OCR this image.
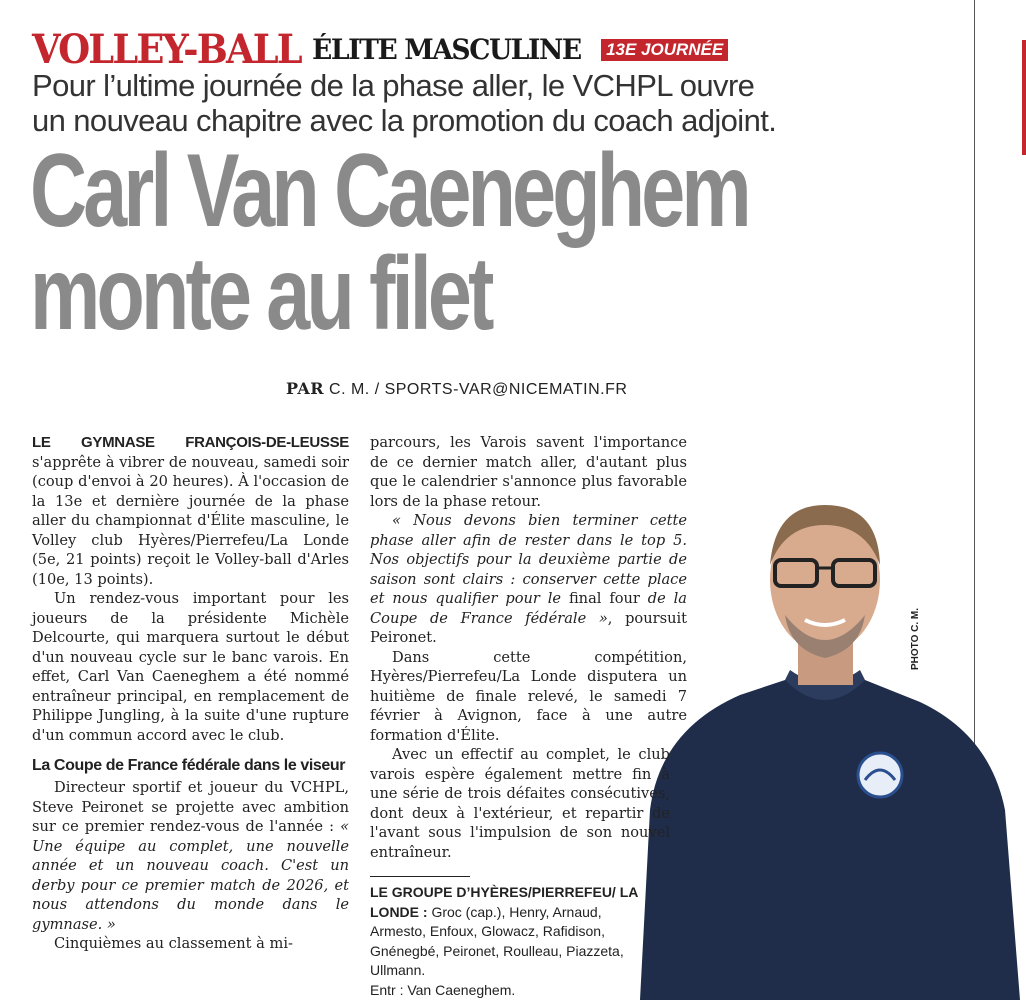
VOLLEY-BALL ÉLITE MASCULINE 13E JOURNÉE
Pour l’ultime journée de la phase aller, le VCHPL ouvre
un nouveau chapitre avec la promotion du coach adjoint.
Carl Van Caeneghem
monte au filet
PAR C. M. / SPORTS-VAR@NICEMATIN.FR

LE GYMNASE FRANÇOIS-DE-LEUSSE s'apprête à vibrer de nouveau, samedi soir (coup d'envoi à 20 heures). À l'occasion de la 13e et dernière journée de la phase aller du championnat d'Élite masculine, le Volley club Hyères/Pierrefeu/La Londe (5e, 21 points) reçoit le Volley-ball d'Arles (10e, 13 points).

Un rendez-vous important pour les joueurs de la présidente Michèle Delcourte, qui marquera surtout le début d'un nouveau cycle sur le banc varois. En effet, Carl Van Caeneghem a été nommé entraîneur principal, en remplacement de Philippe Jungling, à la suite d'une rupture d'un commun accord avec le club.

La Coupe de France fédérale dans le viseur

Directeur sportif et joueur du VCHPL, Steve Peironet se projette avec ambition sur ce premier rendez-vous de l'année : « Une équipe au complet, une nouvelle année et un nouveau coach. C'est un derby pour ce premier match de 2026, et nous attendons du monde dans le gymnase. »

Cinquièmes au classement à mi-

PHOTO C. M.

parcours, les Varois savent l'importance de ce dernier match aller, d'autant plus que le calendrier s'annonce plus favorable lors de la phase retour.

« Nous devons bien terminer cette phase aller afin de rester dans le top 5. Nos objectifs pour la deuxième partie de saison sont clairs : conserver cette place et nous qualifier pour le final four de la Coupe de France fédérale », poursuit Peironet.

Dans cette compétition, Hyères/Pierrefeu/La Londe disputera un huitième de finale relevé, le samedi 7 février à Avignon, face à une autre formation d'Élite.

Avec un effectif au complet, le club varois espère également mettre fin à une série de trois défaites consécutives, dont deux à l'extérieur, et repartir de l'avant sous l'impulsion de son nouvel entraîneur.

LE GROUPE D’HYÈRES/PIERREFEU/ LA LONDE : Groc (cap.), Henry, Arnaud, Armesto, Enfoux, Glowacz, Rafidison, Gnénegbé, Peironet, Roulleau, Piazzeta, Ullmann.
Entr : Van Caeneghem.
